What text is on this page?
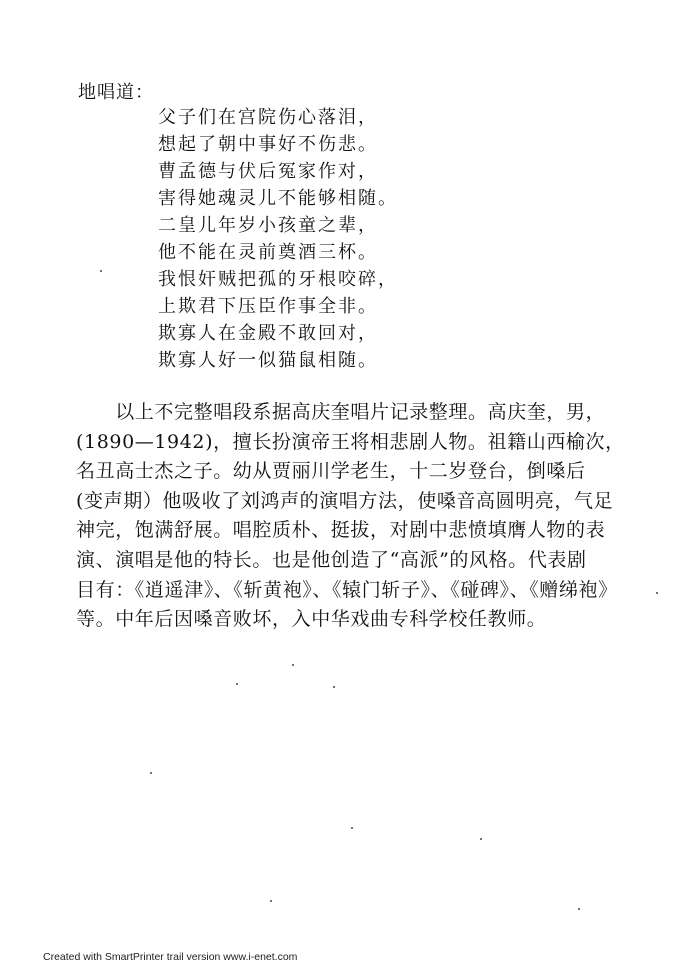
地唱道：
父子们在宫院伤心落泪，
想起了朝中事好不伤悲。
曹孟德与伏后冤家作对，
害得她魂灵儿不能够相随。
二皇儿年岁小孩童之辈，
他不能在灵前奠酒三杯。
我恨奸贼把孤的牙根咬碎，
上欺君下压臣作事全非。
欺寡人在金殿不敢回对，
欺寡人好一似猫鼠相随。
　　以上不完整唱段系据高庆奎唱片记录整理。高庆奎，男，
(1890—1942)，擅长扮演帝王将相悲剧人物。祖籍山西榆次，
名丑高士杰之子。幼从贾丽川学老生，十二岁登台，倒嗓后
(变声期）他吸收了刘鸿声的演唱方法，使嗓音高圆明亮，气足
神完，饱满舒展。唱腔质朴、挺拔，对剧中悲愤填膺人物的表
演、演唱是他的特长。也是他创造了“高派”的风格。代表剧
目有：《逍遥津》、《斩黄袍》、《辕门斩子》、《碰碑》、《赠绨袍》
等。中年后因嗓音败坏，入中华戏曲专科学校任教师。
Created with SmartPrinter trail version www.i-enet.com
